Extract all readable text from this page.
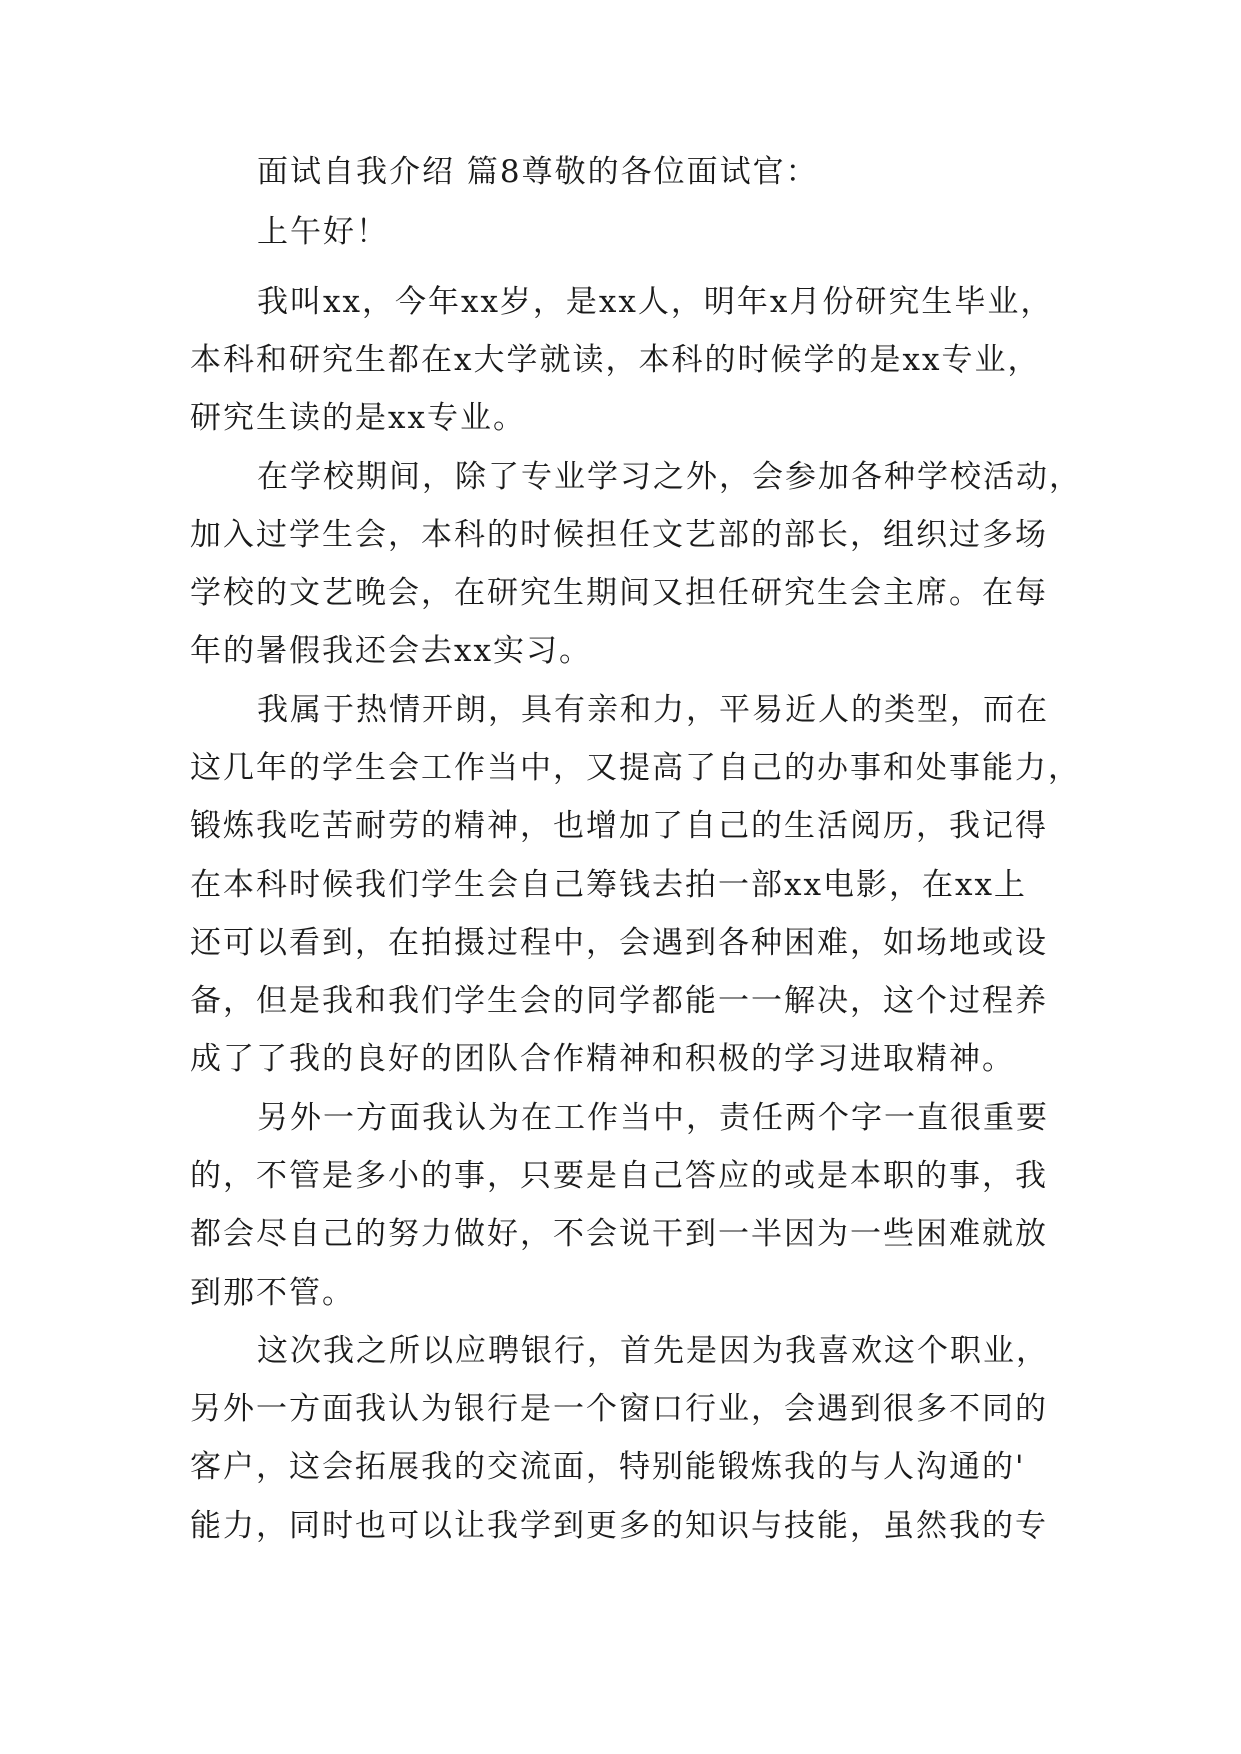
面试自我介绍 篇8尊敬的各位面试官：
上午好！
我叫xx，今年xx岁，是xx人，明年x月份研究生毕业，
本科和研究生都在x大学就读，本科的时候学的是xx专业，
研究生读的是xx专业。
在学校期间，除了专业学习之外，会参加各种学校活动，
加入过学生会，本科的时候担任文艺部的部长，组织过多场
学校的文艺晚会，在研究生期间又担任研究生会主席。在每
年的暑假我还会去xx实习。
我属于热情开朗，具有亲和力，平易近人的类型，而在
这几年的学生会工作当中，又提高了自己的办事和处事能力，
锻炼我吃苦耐劳的精神，也增加了自己的生活阅历，我记得
在本科时候我们学生会自己筹钱去拍一部xx电影，在xx上
还可以看到，在拍摄过程中，会遇到各种困难，如场地或设
备，但是我和我们学生会的同学都能一一解决，这个过程养
成了了我的良好的团队合作精神和积极的学习进取精神。
另外一方面我认为在工作当中，责任两个字一直很重要
的，不管是多小的事，只要是自己答应的或是本职的事，我
都会尽自己的努力做好，不会说干到一半因为一些困难就放
到那不管。
这次我之所以应聘银行，首先是因为我喜欢这个职业，
另外一方面我认为银行是一个窗口行业，会遇到很多不同的
客户，这会拓展我的交流面，特别能锻炼我的与人沟通的'
能力，同时也可以让我学到更多的知识与技能，虽然我的专
